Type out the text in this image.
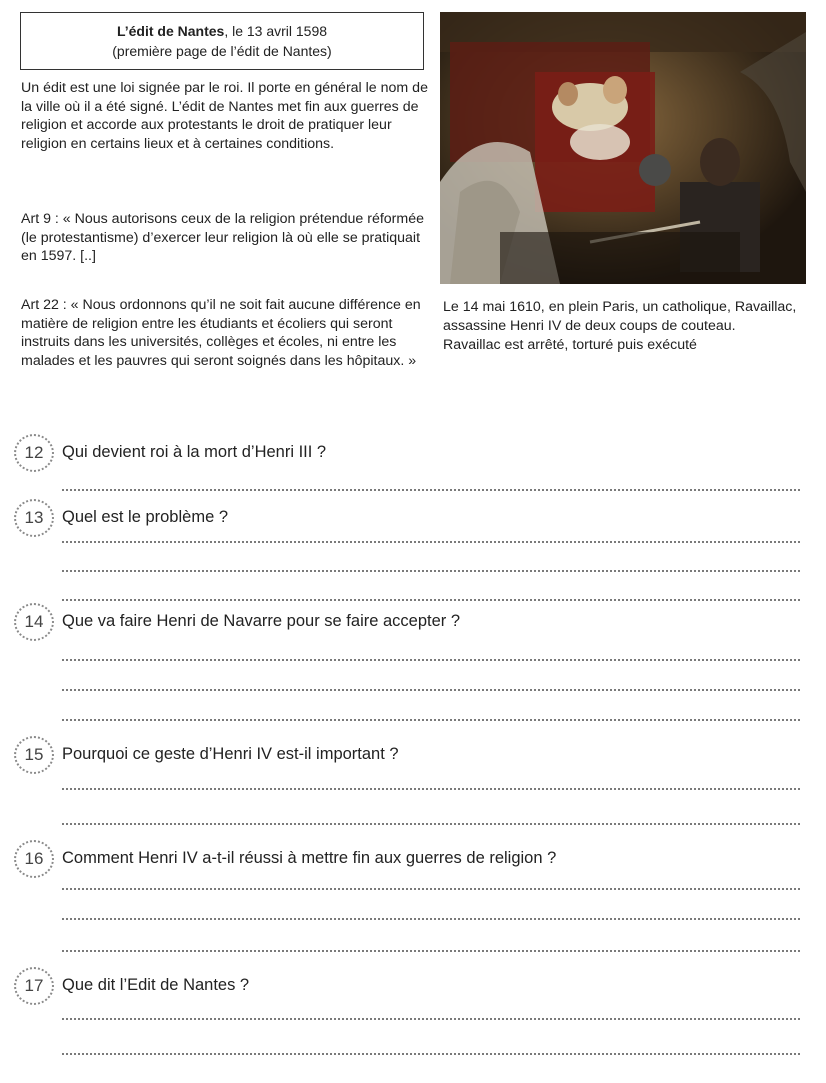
L’édit de Nantes, le 13 avril 1598
(première page de l’édit de Nantes)

Un édit est une loi signée par le roi. Il porte en général le nom de la ville où il a été signé. L’édit de Nantes met fin aux guerres de religion et accorde aux protestants le droit de pratiquer leur religion en certains lieux et à certaines conditions.

Art 9 : « Nous autorisons ceux de la religion prétendue réformée (le protestantisme) d’exercer leur religion là où elle se pratiquait en 1597. [..]

Art 22 : « Nous ordonnons qu’il ne soit fait aucune différence en matière de religion entre les étudiants et écoliers qui seront instruits dans les universités, collèges et écoles, ni entre les malades et les pauvres qui seront soignés dans les hôpitaux. »

Le 14 mai 1610, en plein Paris, un catholique, Ravaillac, assassine Henri IV de deux coups de couteau.
Ravaillac est arrêté, torturé puis exécuté
12	Qui devient roi à la mort d’Henri III ?
13	Quel est le problème ?
14	Que va faire Henri de Navarre pour se faire accepter ?
15	Pourquoi ce geste d’Henri IV est-il important ?
16	Comment Henri IV a-t-il réussi à mettre fin aux guerres de religion ?
17	Que dit l’Edit de Nantes ?
